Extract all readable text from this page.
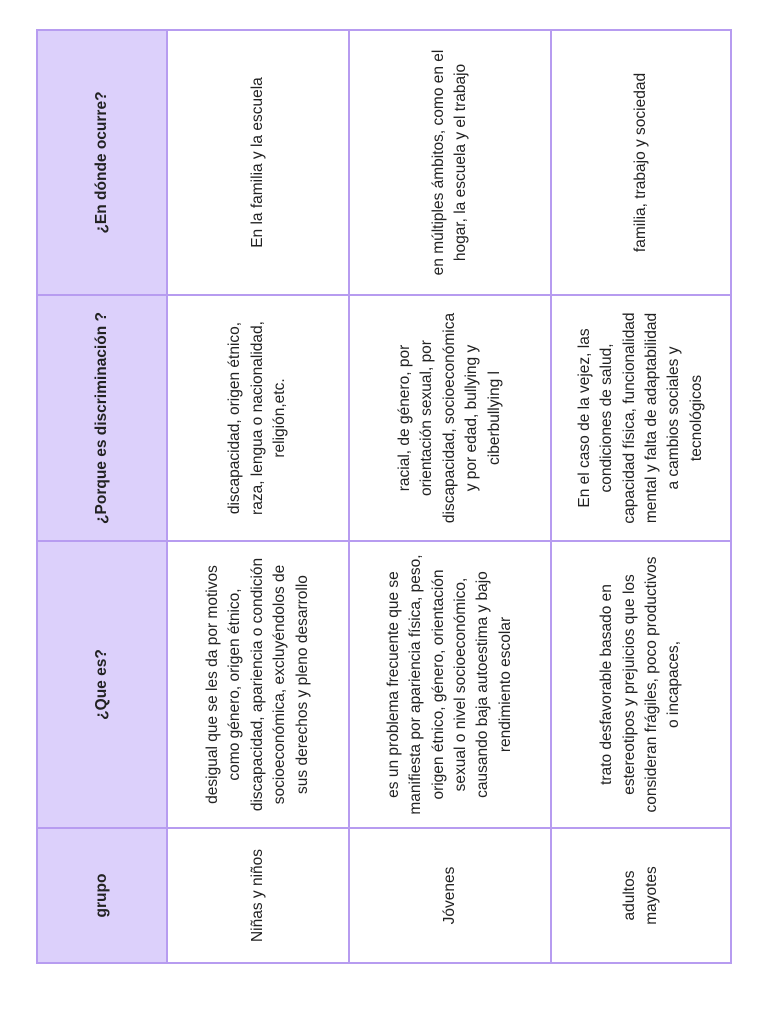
grupo	¿Que es?	¿Porque es discriminación ?	¿En dónde ocurre?
Niñas y niños	desigual que se les da por motivos como género, origen étnico, discapacidad, apariencia o condición socioeconómica, excluyéndolos de sus derechos y pleno desarrollo	discapacidad, origen étnico, raza, lengua o nacionalidad, religión,etc.	En la familia y la escuela
Jóvenes	es un problema frecuente que se manifiesta por apariencia física, peso, origen étnico, género, orientación sexual o nivel socioeconómico, causando baja autoestima y bajo rendimiento escolar	racial, de género, por orientación sexual, por discapacidad, socioeconómica y por edad, bullying y ciberbullying l	en múltiples ámbitos, como en el hogar, la escuela y el trabajo
adultos mayotes	trato desfavorable basado en estereotipos y prejuicios que los consideran frágiles, poco productivos o incapaces,	En el caso de la vejez, las condiciones de salud, capacidad física, funcionalidad mental y falta de adaptabilidad a cambios sociales y tecnológicos	familia, trabajo y sociedad
